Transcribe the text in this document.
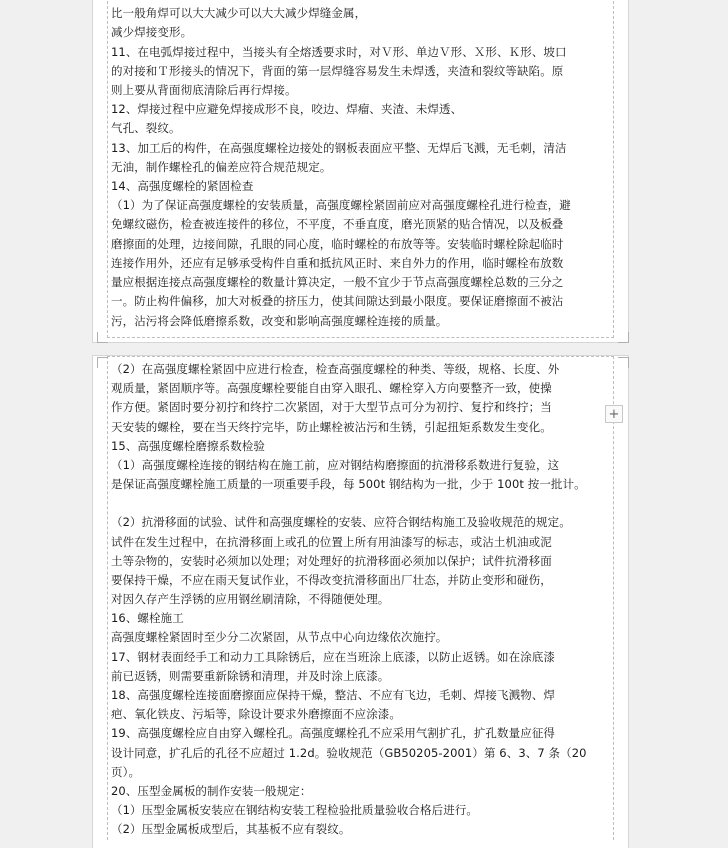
比一般角焊可以大大减少可以大大减少焊缝金属，
减少焊接变形。
11、在电弧焊接过程中，当接头有全熔透要求时，对Ｖ形、单边Ｖ形、Ｘ形、Ｋ形、坡口
的对接和Ｔ形接头的情况下，背面的第一层焊缝容易发生未焊透，夹渣和裂纹等缺陷。原
则上要从背面彻底清除后再行焊接。
12、焊接过程中应避免焊接成形不良，咬边、焊瘤、夹渣、未焊透、
气孔、裂纹。
13、加工后的构件，在高强度螺栓边接处的钢板表面应平整、无焊后飞溅，无毛刺，清洁
无油，制作螺栓孔的偏差应符合规范规定。
14、高强度螺栓的紧固检查
（1）为了保证高强度螺栓的安装质量，高强度螺栓紧固前应对高强度螺栓孔进行检查，避
免螺纹磁伤，检查被连接件的移位，不平度，不垂直度，磨光顶紧的贴合情况，以及板叠
磨擦面的处理，边接间隙，孔眼的同心度，临时螺栓的布放等等。安装临时螺栓除起临时
连接作用外，还应有足够承受构件自重和抵抗风正时、来自外力的作用，临时螺栓布放数
量应根据连接点高强度螺栓的数量计算决定，一般不宜少于节点高强度螺栓总数的三分之
一。防止构件偏移，加大对板叠的挤压力，使其间隙达到最小限度。要保证磨擦面不被沾
污，沾污将会降低磨擦系数，改变和影响高强度螺栓连接的质量。
（2）在高强度螺栓紧固中应进行检查，检查高强度螺栓的种类、等级，规格、长度、外
观质量，紧固顺序等。高强度螺栓要能自由穿入眼孔、螺栓穿入方向要整齐一致，使操
作方便。紧固时要分初拧和终拧二次紧固，对于大型节点可分为初拧、复拧和终拧；当
天安装的螺栓，要在当天终拧完毕，防止螺栓被沾污和生锈，引起扭矩系数发生变化。
15、高强度螺栓磨擦系数检验
（1）高强度螺栓连接的钢结构在施工前，应对钢结构磨擦面的抗滑移系数进行复验，这
是保证高强度螺栓施工质量的一项重要手段，每 500t 钢结构为一批，少于 100t 按一批计。
（2）抗滑移面的试验、试件和高强度螺栓的安装、应符合钢结构施工及验收规范的规定。
试件在发生过程中，在抗滑移面上或孔的位置上所有用油漆写的标志，或沾土机油或泥
土等杂物的，安装时必须加以处理；对处理好的抗滑移面必须加以保护；试件抗滑移面
要保持干燥，不应在雨天复试作业，不得改变抗滑移面出厂壮态，并防止变形和碰伤，
对因久存产生浮锈的应用钢丝刷清除，不得随便处理。
16、螺栓施工
高强度螺栓紧固时至少分二次紧固，从节点中心向边缘依次施拧。
17、钢材表面经手工和动力工具除锈后，应在当班涂上底漆，以防止返锈。如在涂底漆
前已返锈，则需要重新除锈和清理，并及时涂上底漆。
18、高强度螺栓连接面磨擦面应保持干燥，整洁、不应有飞边，毛刺、焊接飞溅物、焊
疤、氧化铁皮、污垢等，除设计要求外磨擦面不应涂漆。
19、高强度螺栓应自由穿入螺栓孔。高强度螺栓孔不应采用气割扩孔，扩孔数量应征得
设计同意，扩孔后的孔径不应超过 1.2d。验收规范（GB50205-2001）第 6、3、7 条（20
页）。
20、压型金属板的制作安装一般规定：
（1）压型金属板安装应在钢结构安装工程检验批质量验收合格后进行。
（2）压型金属板成型后，其基板不应有裂纹。
+
